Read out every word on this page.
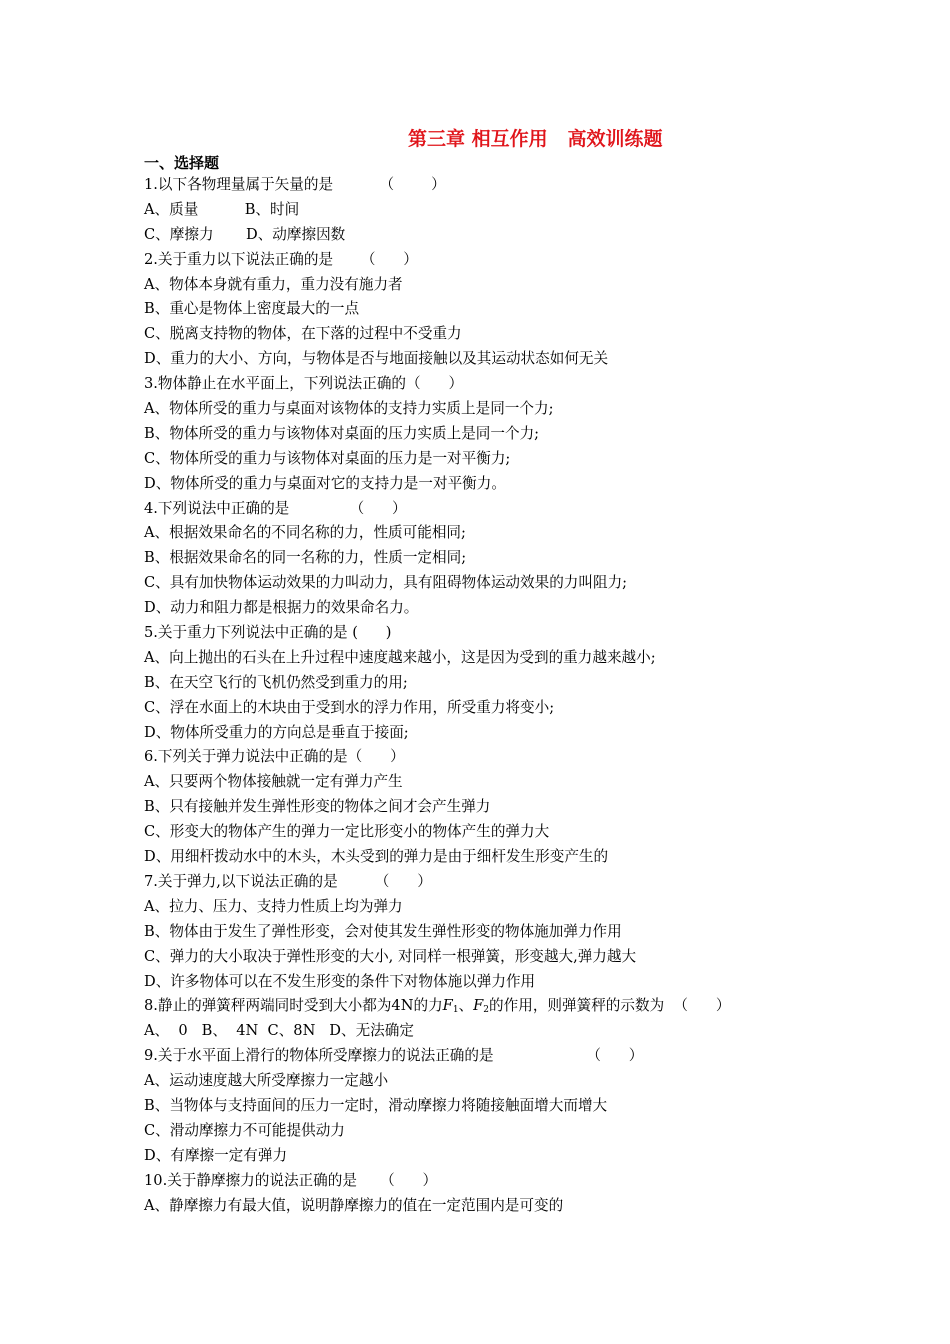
第三章 相互作用   高效训练题
一、选择题
1.以下各物理量属于矢量的是          （        ）
A、质量          B、时间
C、摩擦力       D、动摩擦因数
2.关于重力以下说法正确的是      （      ）
A、物体本身就有重力，重力没有施力者
B、重心是物体上密度最大的一点
C、脱离支持物的物体，在下落的过程中不受重力
D、重力的大小、方向，与物体是否与地面接触以及其运动状态如何无关
3.物体静止在水平面上，下列说法正确的（      ）
A、物体所受的重力与桌面对该物体的支持力实质上是同一个力;
B、物体所受的重力与该物体对桌面的压力实质上是同一个力;
C、物体所受的重力与该物体对桌面的压力是一对平衡力;
D、物体所受的重力与桌面对它的支持力是一对平衡力。
4.下列说法中正确的是             （      ）
A、根据效果命名的不同名称的力，性质可能相同;
B、根据效果命名的同一名称的力，性质一定相同;
C、具有加快物体运动效果的力叫动力，具有阻碍物体运动效果的力叫阻力;
D、动力和阻力都是根据力的效果命名力。
5.关于重力下列说法中正确的是 (      )
A、向上抛出的石头在上升过程中速度越来越小，这是因为受到的重力越来越小;
B、在天空飞行的飞机仍然受到重力的用;
C、浮在水面上的木块由于受到水的浮力作用，所受重力将变小;
D、物体所受重力的方向总是垂直于接面;
6.下列关于弹力说法中正确的是（      ）
A、只要两个物体接触就一定有弹力产生
B、只有接触并发生弹性形变的物体之间才会产生弹力
C、形变大的物体产生的弹力一定比形变小的物体产生的弹力大
D、用细杆拨动水中的木头，木头受到的弹力是由于细杆发生形变产生的
7.关于弹力,以下说法正确的是        （      ）
A、拉力、压力、支持力性质上均为弹力
B、物体由于发生了弹性形变，会对使其发生弹性形变的物体施加弹力作用
C、弹力的大小取决于弹性形变的大小, 对同样一根弹簧，形变越大,弹力越大
D、许多物体可以在不发生形变的条件下对物体施以弹力作用
8.静止的弹簧秤两端同时受到大小都为4N的力$F_1$、$F_2$的作用，则弹簧秤的示数为  （      ）
A、  0   B、  4N  C、8N   D、无法确定
9.关于水平面上滑行的物体所受摩擦力的说法正确的是                    （      ）
A、运动速度越大所受摩擦力一定越小
B、当物体与支持面间的压力一定时，滑动摩擦力将随接触面增大而增大
C、滑动摩擦力不可能提供动力
D、有摩擦一定有弹力
10.关于静摩擦力的说法正确的是     （      ）
A、静摩擦力有最大值，说明静摩擦力的值在一定范围内是可变的
